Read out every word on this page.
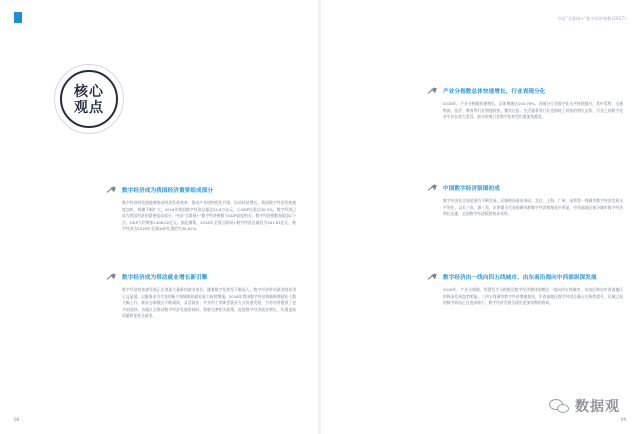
核心
观点
数字经济成为我国经济重要组成部分
数字经济的发展能够推动经济发展效率、推动产业结构优化升级、拉动经济增长。我国数字经济发展速度加快、规模不断扩大，2016年我国数字经济总量达22.6万亿元，占GDP比重达30.3%。数字经济已成为我国经济的重要组成部分，中国“互联网+”数字经济指数与GDP高度相关，数字经济指数每提高1个点，GDP大约增加1406.02亿元。据此测算，2016年全国互联网+数字经济总量约为161.05亿元，数字经济占2016年全国GDP比重约为30.61%。
数字经济成为带动就业增长新引擎
数字经济的快速发展正在创造大量新的就业岗位，随着数字化转型不断深入，数字经济带动就业的作用日益显现。以服务业为代表的新兴领域吸纳就业能力持续增强，2016年我国数字经济领域新增就业人数大幅上升。新业态新模式不断涌现，灵活就业、共享用工等新型就业方式快速发展，为劳动者提供了更多的选择。各地区在推动数字经济发展的同时，积极完善相关政策，促进数字经济就业增长，实现更高质量和更充分就业。
08
中国“互联网+”数字经济指数(2017)
产业分指数总体快速增长，行业表现分化
2016年，产业分指数快速增长，总体增速达150.78%。各细分行业数字化水平持续提升，其中零售、交通物流、医疗、教育等行业增速较快，餐饮住宿、生活服务等行业也保持了较快的增长态势，行业之间数字化水平存在较大差异，部分传统行业数字化转型仍需加快推进。
中国数字经济版图初成
数字经济在全国范围内不断发展，区域格局逐步形成。北京、上海、广州、深圳等一线城市数字经济发展水平领先，以长三角、珠三角、京津冀为代表的城市群数字经济集聚效应明显，中西部地区部分城市数字经济增长迅速，全国数字经济版图初步成形。
数字经济由一线向四五线城市、由东南沿海向中西部纵深发展
2016年，产业分指数、智慧民生分指数及数字经济整体规模在一线向四五线城市、东南沿海向中西部地区的纵深发展趋势明显。三四五线城市数字经济增速加快，中西部地区数字经济总量占比持续提升，区域之间的数字鸿沟正在逐步缩小，数字经济发展呈现出更加均衡的格局。
09
数据观
